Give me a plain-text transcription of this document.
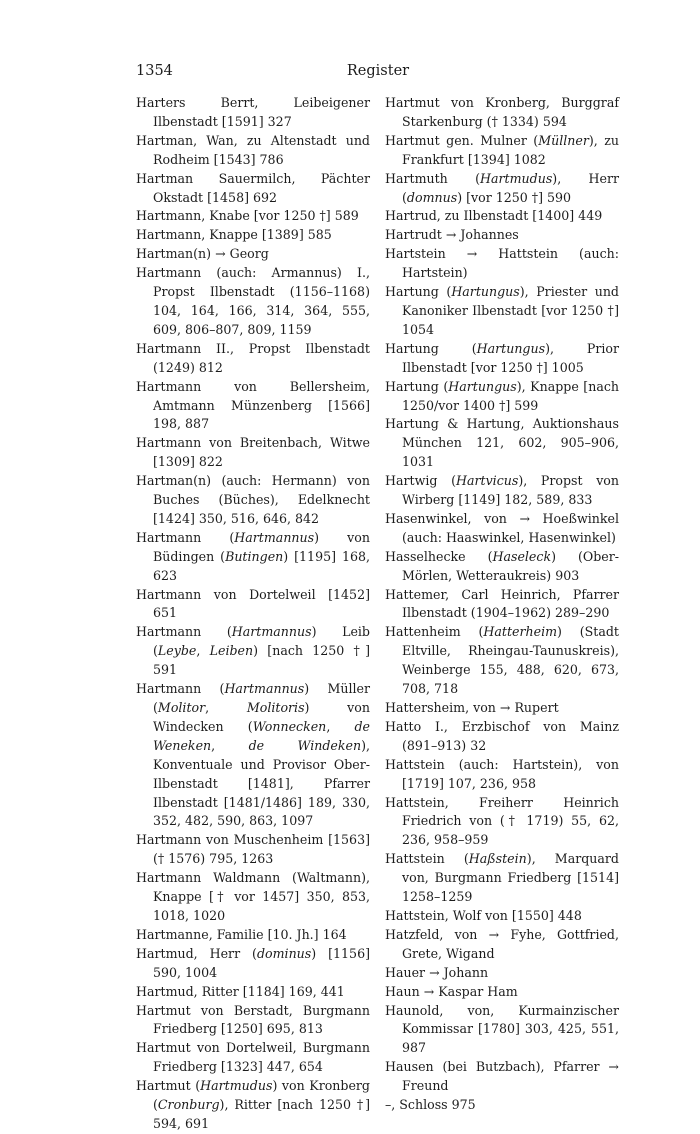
1354	Register
Harters Berrt, Leibeigener Ilbenstadt [1591] 327
Hartman, Wan, zu Altenstadt und Rodheim [1543] 786
Hartman Sauermilch, Pächter Okstadt [1458] 692
Hartmann, Knabe [vor 1250 †] 589
Hartmann, Knappe [1389] 585
Hartman(n) → Georg
Hartmann (auch: Armannus) I., Propst Ilbenstadt (1156–1168) 104, 164, 166, 314, 364, 555, 609, 806–807, 809, 1159
Hartmann II., Propst Ilbenstadt (1249) 812
Hartmann von Bellersheim, Amtmann Münzenberg [1566] 198, 887
Hartmann von Breitenbach, Witwe [1309] 822
Hartman(n) (auch: Hermann) von Buches (Büches), Edelknecht [1424] 350, 516, 646, 842
Hartmann (Hartmannus) von Büdingen (Butingen) [1195] 168, 623
Hartmann von Dortelweil [1452] 651
Hartmann (Hartmannus) Leib (Leybe, Leiben) [nach 1250 †] 591
Hartmann (Hartmannus) Müller (Molitor, Molitoris) von Windecken (Wonnecken, de Weneken, de Windeken), Konventuale und Provisor Ober-Ilbenstadt [1481], Pfarrer Ilbenstadt [1481/1486] 189, 330, 352, 482, 590, 863, 1097
Hartmann von Muschenheim [1563] († 1576) 795, 1263
Hartmann Waldmann (Waltmann), Knappe [† vor 1457] 350, 853, 1018, 1020
Hartmanne, Familie [10. Jh.] 164
Hartmud, Herr (dominus) [1156] 590, 1004
Hartmud, Ritter [1184] 169, 441
Hartmut von Berstadt, Burgmann Friedberg [1250] 695, 813
Hartmut von Dortelweil, Burgmann Friedberg [1323] 447, 654
Hartmut (Hartmudus) von Kronberg (Cronburg), Ritter [nach 1250 †] 594, 691
Hartmut von Kronberg, Burggraf Starkenburg († 1334) 594
Hartmut gen. Mulner (Müllner), zu Frankfurt [1394] 1082
Hartmuth (Hartmudus), Herr (domnus) [vor 1250 †] 590
Hartrud, zu Ilbenstadt [1400] 449
Hartrudt → Johannes
Hartstein → Hattstein (auch: Hartstein)
Hartung (Hartungus), Priester und Kanoniker Ilbenstadt [vor 1250 †] 1054
Hartung (Hartungus), Prior Ilbenstadt [vor 1250 †] 1005
Hartung (Hartungus), Knappe [nach 1250/vor 1400 †] 599
Hartung & Hartung, Auktionshaus München 121, 602, 905–906, 1031
Hartwig (Hartvicus), Propst von Wirberg [1149] 182, 589, 833
Hasenwinkel, von → Hoeßwinkel (auch: Haaswinkel, Hasenwinkel)
Hasselhecke (Haseleck) (Ober-Mörlen, Wetteraukreis) 903
Hattemer, Carl Heinrich, Pfarrer Ilbenstadt (1904–1962) 289–290
Hattenheim (Hatterheim) (Stadt Eltville, Rheingau-Taunuskreis), Weinberge 155, 488, 620, 673, 708, 718
Hattersheim, von → Rupert
Hatto I., Erzbischof von Mainz (891–913) 32
Hattstein (auch: Hartstein), von [1719] 107, 236, 958
Hattstein, Freiherr Heinrich Friedrich von († 1719) 55, 62, 236, 958–959
Hattstein (Haßstein), Marquard von, Burgmann Friedberg [1514] 1258–1259
Hattstein, Wolf von [1550] 448
Hatzfeld, von → Fyhe, Gottfried, Grete, Wigand
Hauer → Johann
Haun → Kaspar Ham
Haunold, von, Kurmainzischer Kommissar [1780] 303, 425, 551, 987
Hausen (bei Butzbach), Pfarrer → Freund
–, Schloss 975
